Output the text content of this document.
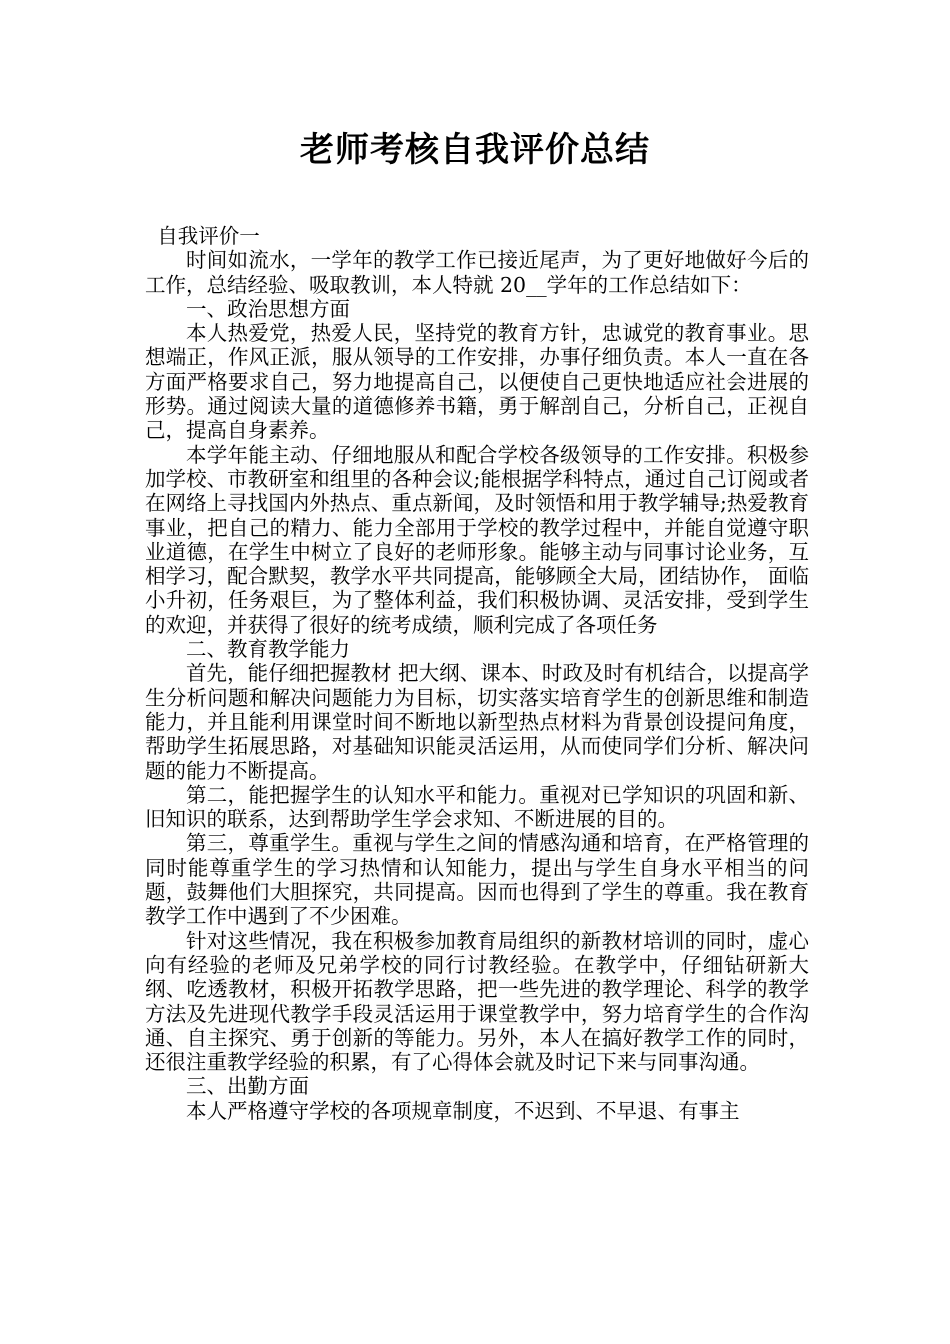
老师考核自我评价总结

自我评价一

时间如流水，一学年的教学工作已接近尾声，为了更好地做好今后的工作，总结经验、吸取教训，本人特就 20__学年的工作总结如下：

一、政治思想方面

本人热爱党，热爱人民，坚持党的教育方针，忠诚党的教育事业。思想端正，作风正派，服从领导的工作安排，办事仔细负责。本人一直在各方面严格要求自己，努力地提高自己，以便使自己更快地适应社会进展的形势。通过阅读大量的道德修养书籍，勇于解剖自己，分析自己，正视自己，提高自身素养。

本学年能主动、仔细地服从和配合学校各级领导的工作安排。积极参加学校、市教研室和组里的各种会议;能根据学科特点，通过自己订阅或者在网络上寻找国内外热点、重点新闻，及时领悟和用于教学辅导;热爱教育事业，把自己的精力、能力全部用于学校的教学过程中，并能自觉遵守职业道德，在学生中树立了良好的老师形象。能够主动与同事讨论业务，互相学习，配合默契，教学水平共同提高，能够顾全大局，团结协作， 面临小升初，任务艰巨，为了整体利益，我们积极协调、灵活安排，受到学生的欢迎，并获得了很好的统考成绩，顺利完成了各项任务

二、教育教学能力

首先，能仔细把握教材 把大纲、课本、时政及时有机结合，以提高学生分析问题和解决问题能力为目标，切实落实培育学生的创新思维和制造能力，并且能利用课堂时间不断地以新型热点材料为背景创设提问角度，帮助学生拓展思路，对基础知识能灵活运用，从而使同学们分析、解决问题的能力不断提高。

第二，能把握学生的认知水平和能力。重视对已学知识的巩固和新、旧知识的联系，达到帮助学生学会求知、不断进展的目的。

第三，尊重学生。重视与学生之间的情感沟通和培育，在严格管理的同时能尊重学生的学习热情和认知能力，提出与学生自身水平相当的问题，鼓舞他们大胆探究，共同提高。因而也得到了学生的尊重。我在教育教学工作中遇到了不少困难。

针对这些情况，我在积极参加教育局组织的新教材培训的同时，虚心向有经验的老师及兄弟学校的同行讨教经验。在教学中，仔细钻研新大纲、吃透教材，积极开拓教学思路，把一些先进的教学理论、科学的教学方法及先进现代教学手段灵活运用于课堂教学中，努力培育学生的合作沟通、自主探究、勇于创新的等能力。另外，本人在搞好教学工作的同时，还很注重教学经验的积累，有了心得体会就及时记下来与同事沟通。

三、出勤方面

本人严格遵守学校的各项规章制度，不迟到、不早退、有事主
